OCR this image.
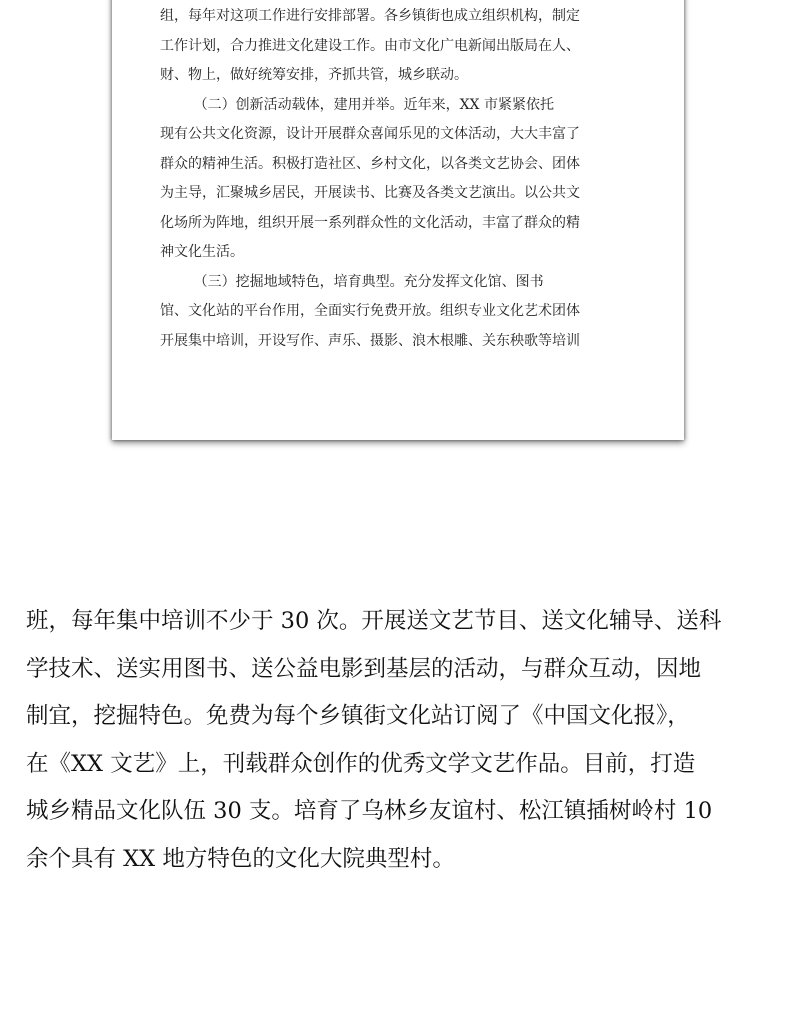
组，每年对这项工作进行安排部署。各乡镇街也成立组织机构，制定
工作计划，合力推进文化建设工作。由市文化广电新闻出版局在人、
财、物上，做好统筹安排，齐抓共管，城乡联动。
（二）创新活动载体，建用并举。近年来，XX 市紧紧依托
现有公共文化资源，设计开展群众喜闻乐见的文体活动，大大丰富了
群众的精神生活。积极打造社区、乡村文化，以各类文艺协会、团体
为主导，汇聚城乡居民，开展读书、比赛及各类文艺演出。以公共文
化场所为阵地，组织开展一系列群众性的文化活动，丰富了群众的精
神文化生活。
（三）挖掘地域特色，培育典型。充分发挥文化馆、图书
馆、文化站的平台作用，全面实行免费开放。组织专业文化艺术团体
开展集中培训，开设写作、声乐、摄影、浪木根雕、关东秧歌等培训
班，每年集中培训不少于 30 次。开展送文艺节目、送文化辅导、送科
学技术、送实用图书、送公益电影到基层的活动，与群众互动，因地
制宜，挖掘特色。免费为每个乡镇街文化站订阅了《中国文化报》，
在《XX 文艺》上，刊载群众创作的优秀文学文艺作品。目前，打造
城乡精品文化队伍 30 支。培育了乌林乡友谊村、松江镇插树岭村 10
余个具有 XX 地方特色的文化大院典型村。
